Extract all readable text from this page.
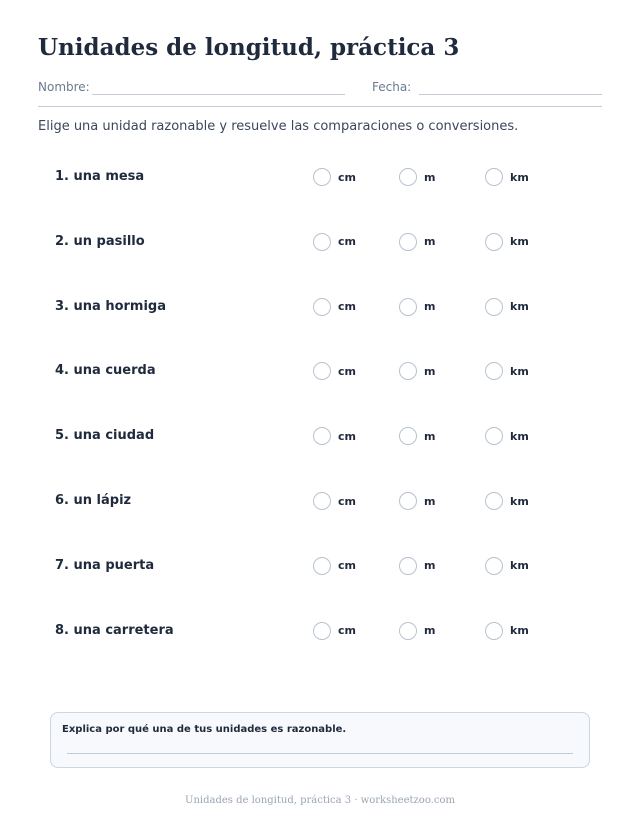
Unidades de longitud, práctica 3
Nombre:	Fecha:
Elige una unidad razonable y resuelve las comparaciones o conversiones.
1. una mesa	cm	m	km
2. un pasillo	cm	m	km
3. una hormiga	cm	m	km
4. una cuerda	cm	m	km
5. una ciudad	cm	m	km
6. un lápiz	cm	m	km
7. una puerta	cm	m	km
8. una carretera	cm	m	km
Explica por qué una de tus unidades es razonable.
Unidades de longitud, práctica 3 · worksheetzoo.com
